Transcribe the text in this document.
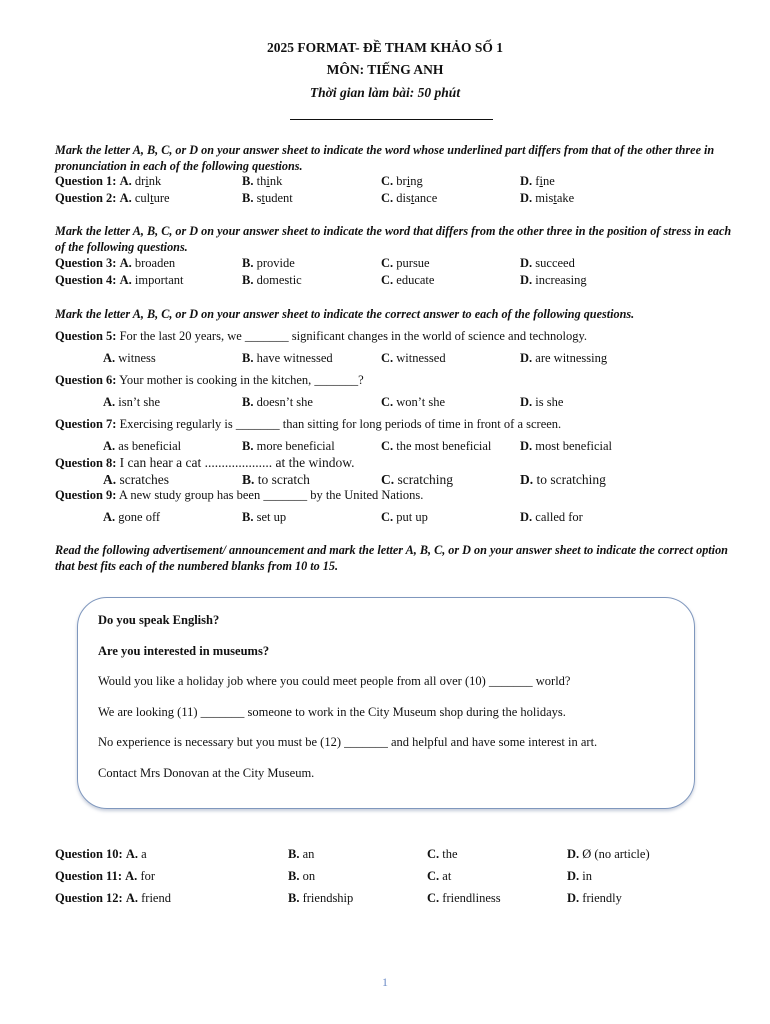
2025 FORMAT- ĐỀ THAM KHẢO SỐ 1
MÔN: TIẾNG ANH
Thời gian làm bài: 50 phút
Mark the letter A, B, C, or D on your answer sheet to indicate the word whose underlined part differs from that of the other three in pronunciation in each of the following questions.
Question 1: A. drink	B. think	C. bring	D. fine
Question 2: A. culture	B. student	C. distance	D. mistake
Mark the letter A, B, C, or D on your answer sheet to indicate the word that differs from the other three in the position of stress in each of the following questions.
Question 3: A. broaden	B. provide	C. pursue	D. succeed
Question 4: A. important	B. domestic	C. educate	D. increasing
Mark the letter A, B, C, or D on your answer sheet to indicate the correct answer to each of the following questions.
Question 5: For the last 20 years, we _______ significant changes in the world of science and technology.
A. witness	B. have witnessed	C. witnessed	D. are witnessing
Question 6: Your mother is cooking in the kitchen, _______?
A. isn’t she	B. doesn’t she	C. won’t she	D. is she
Question 7: Exercising regularly is _______ than sitting for long periods of time in front of a screen.
A. as beneficial	B. more beneficial	C. the most beneficial D. most beneficial
Question 8: I can hear a cat .................... at the window.
A. scratches	B. to scratch	C. scratching	D. to scratching
Question 9: A new study group has been _______ by the United Nations.
A. gone off	B. set up	C. put up	D. called for
Read the following advertisement/ announcement and mark the letter A, B, C, or D on your answer sheet to indicate the correct option that best fits each of the numbered blanks from 10 to 15.
Do you speak English?
Are you interested in museums?
Would you like a holiday job where you could meet people from all over (10) _______ world?
We are looking (11) _______ someone to work in the City Museum shop during the holidays.
No experience is necessary but you must be (12) _______ and helpful and have some interest in art.
Contact Mrs Donovan at the City Museum.
Question 10: A. a	B. an	C. the	D. Ø (no article)
Question 11: A. for	B. on	C. at	D. in
Question 12: A. friend	B. friendship	C. friendliness	D. friendly
1
